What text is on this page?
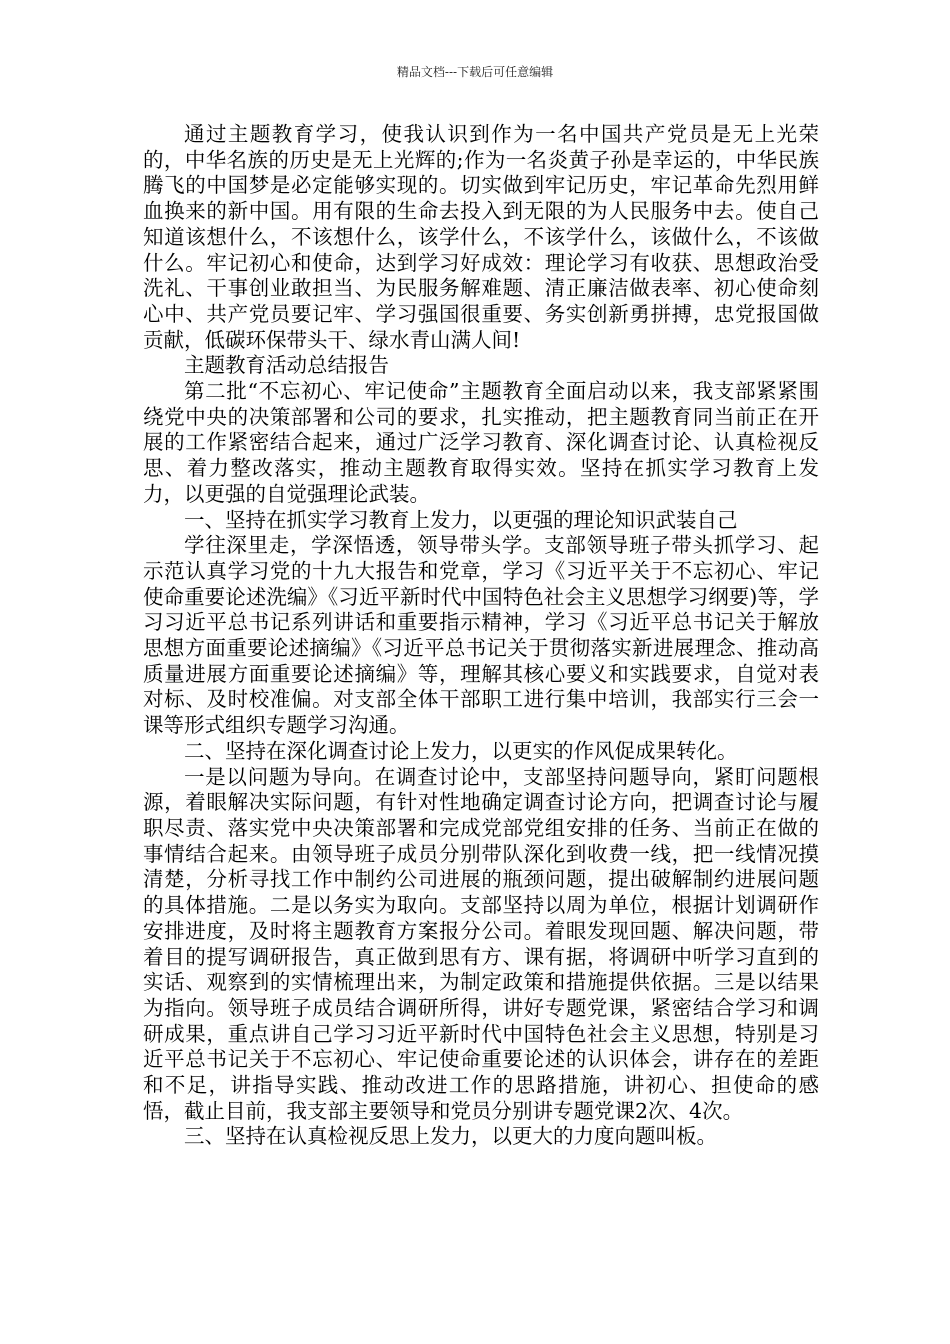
精品文档---下载后可任意编辑

通过主题教育学习，使我认识到作为一名中国共产党员是无上光荣的，中华名族的历史是无上光辉的;作为一名炎黄子孙是幸运的，中华民族腾飞的中国梦是必定能够实现的。切实做到牢记历史，牢记革命先烈用鲜血换来的新中国。用有限的生命去投入到无限的为人民服务中去。使自己知道该想什么，不该想什么，该学什么，不该学什么，该做什么，不该做什么。牢记初心和使命，达到学习好成效：理论学习有收获、思想政治受洗礼、干事创业敢担当、为民服务解难题、清正廉洁做表率、初心使命刻心中、共产党员要记牢、学习强国很重要、务实创新勇拼搏，忠党报国做贡献，低碳环保带头干、绿水青山满人间!

主题教育活动总结报告

第二批“不忘初心、牢记使命”主题教育全面启动以来，我支部紧紧围绕党中央的决策部署和公司的要求，扎实推动，把主题教育同当前正在开展的工作紧密结合起来，通过广泛学习教育、深化调查讨论、认真检视反思、着力整改落实，推动主题教育取得实效。坚持在抓实学习教育上发力，以更强的自觉强理论武装。

一、坚持在抓实学习教育上发力，以更强的理论知识武装自己

学往深里走，学深悟透，领导带头学。支部领导班子带头抓学习、起示范认真学习党的十九大报告和党章，学习《习近平关于不忘初心、牢记使命重要论述洗编》《习近平新时代中国特色社会主义思想学习纲要)等，学习习近平总书记系列讲话和重要指示精神，学习《习近平总书记关于解放思想方面重要论述摘编》《习近平总书记关于贯彻落实新进展理念、推动高质量进展方面重要论述摘编》等，理解其核心要义和实践要求，自觉对表对标、及时校准偏。对支部全体干部职工进行集中培训，我部实行三会一课等形式组织专题学习沟通。

二、坚持在深化调查讨论上发力，以更实的作风促成果转化。

一是以问题为导向。在调查讨论中，支部坚持问题导向，紧盯问题根源，着眼解决实际问题，有针对性地确定调查讨论方向，把调查讨论与履职尽责、落实党中央决策部署和完成党部党组安排的任务、当前正在做的事情结合起来。由领导班子成员分别带队深化到收费一线，把一线情况摸清楚，分析寻找工作中制约公司进展的瓶颈问题，提出破解制约进展问题的具体措施。二是以务实为取向。支部坚持以周为单位，根据计划调研作安排进度，及时将主题教育方案报分公司。着眼发现回题、解决问题，带着目的提写调研报告，真正做到思有方、课有据，将调研中听学习直到的实话、观察到的实情梳理出来，为制定政策和措施提供依据。三是以结果为指向。领导班子成员结合调研所得，讲好专题党课，紧密结合学习和调研成果，重点讲自己学习习近平新时代中国特色社会主义思想，特别是习近平总书记关于不忘初心、牢记使命重要论述的认识体会，讲存在的差距和不足，讲指导实践、推动改进工作的思路措施，讲初心、担使命的感悟，截止目前，我支部主要领导和党员分别讲专题党课2次、4次。

三、坚持在认真检视反思上发力，以更大的力度向题叫板。
